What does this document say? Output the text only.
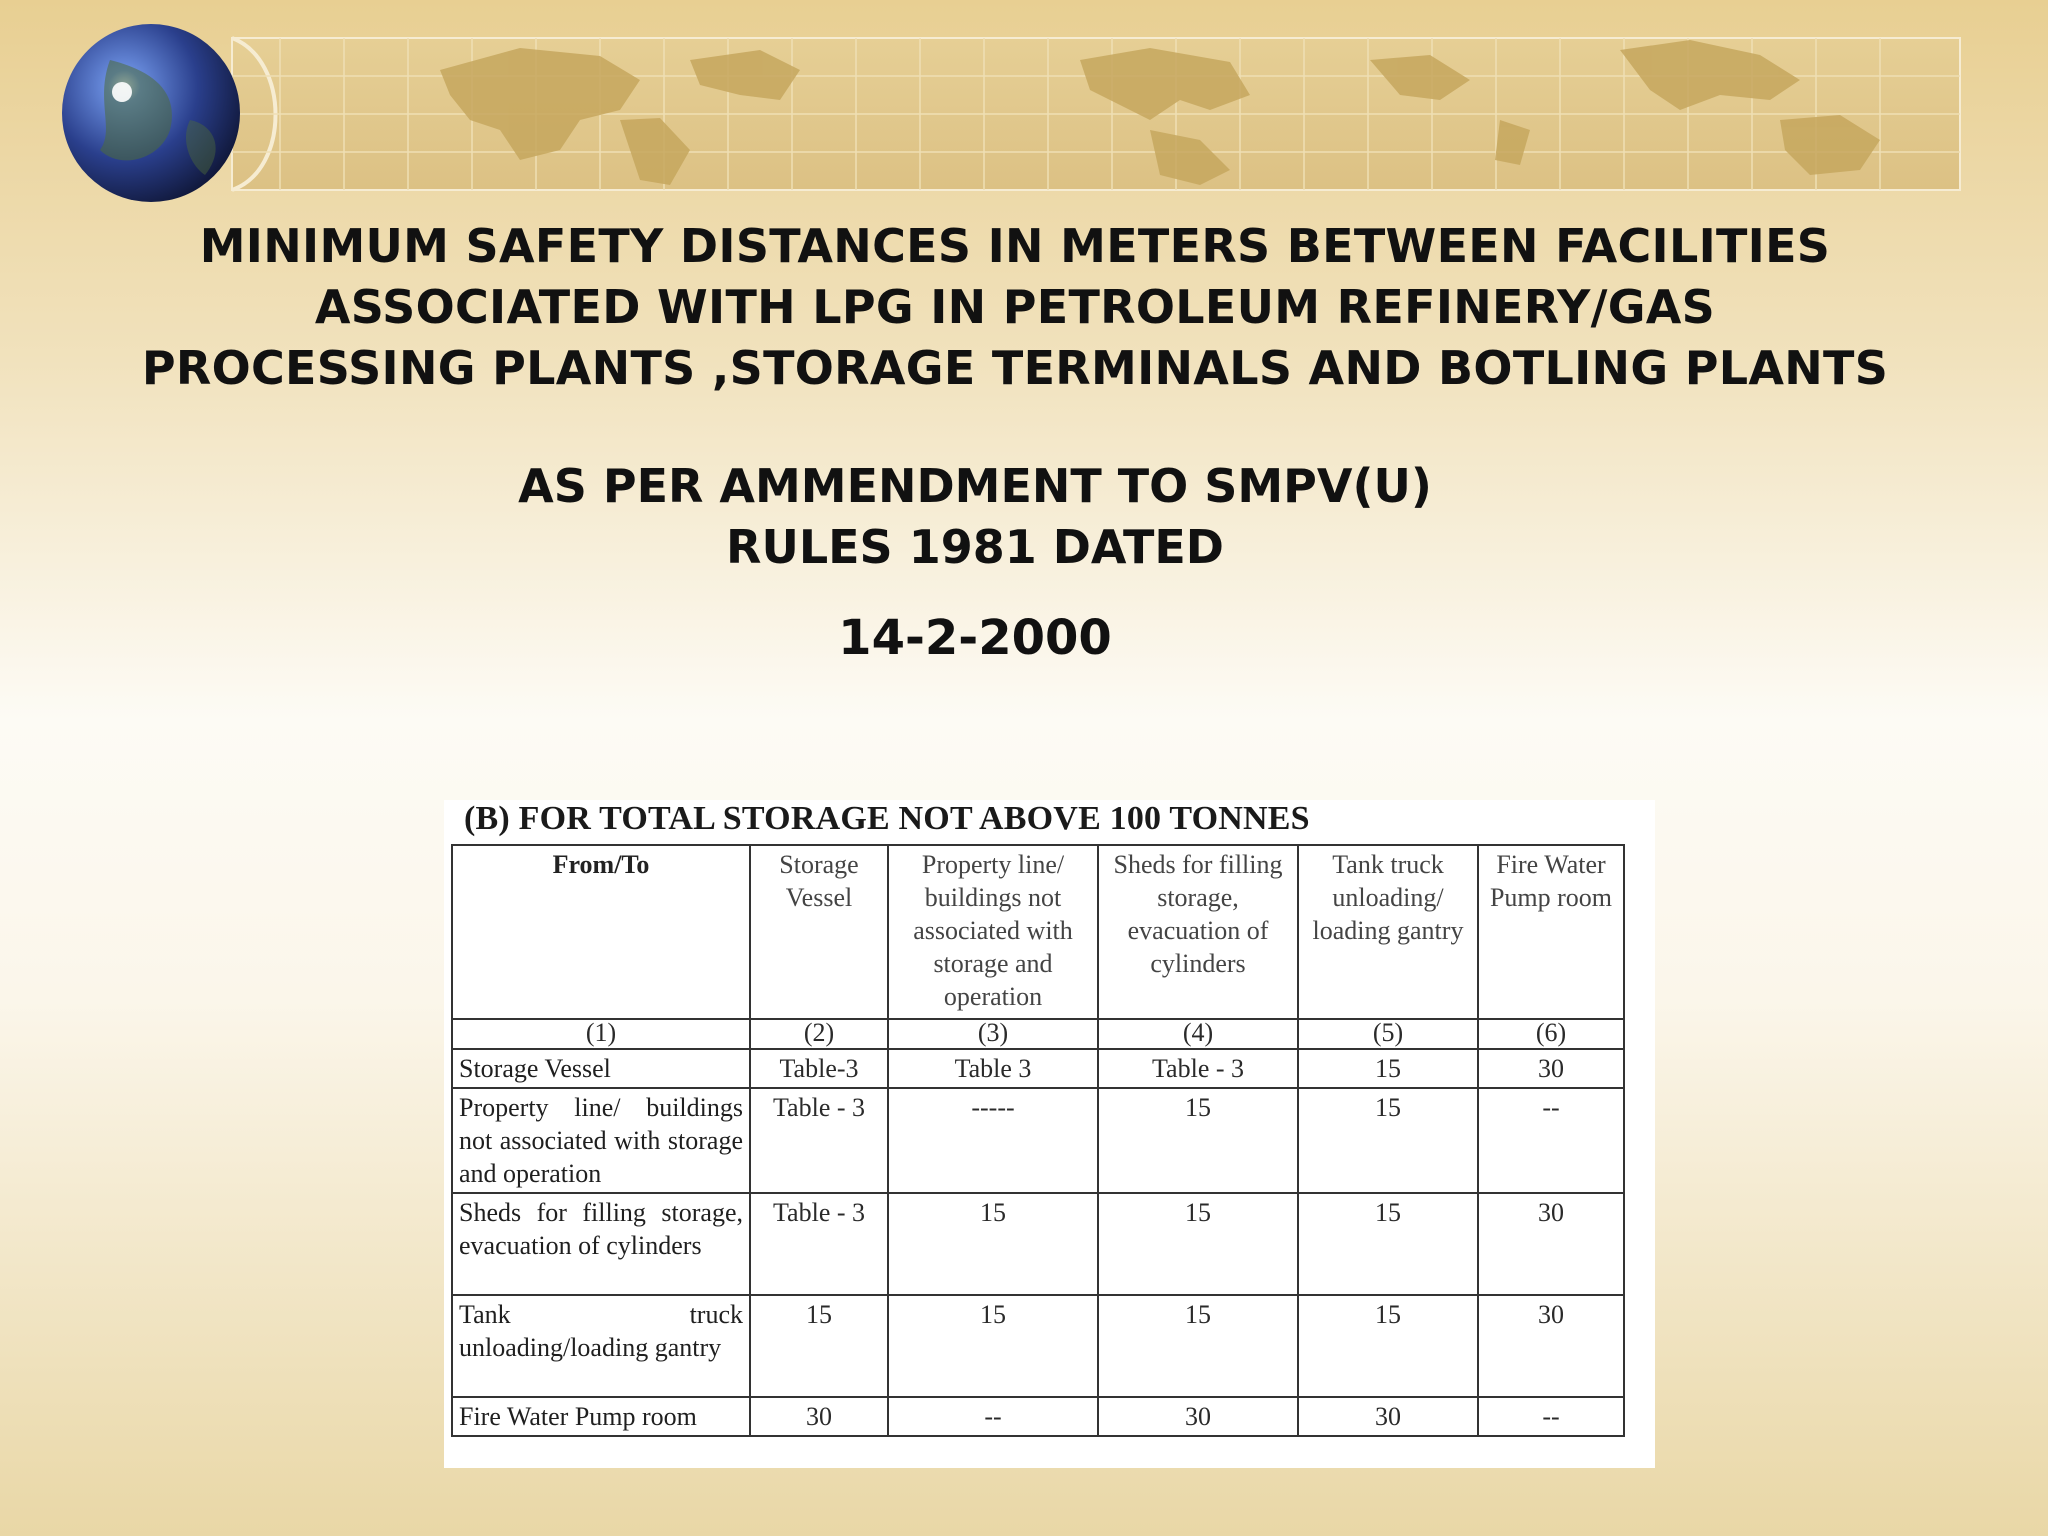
MINIMUM SAFETY DISTANCES IN METERS BETWEEN FACILITIES
ASSOCIATED WITH LPG IN PETROLEUM REFINERY/GAS
PROCESSING PLANTS ,STORAGE TERMINALS AND BOTLING PLANTS
AS PER AMMENDMENT TO SMPV(U)
RULES 1981 DATED
14-2-2000
(B) FOR TOTAL STORAGE NOT ABOVE 100 TONNES
From/To	Storage Vessel	Property line/ buildings not associated with storage and operation	Sheds for filling storage, evacuation of cylinders	Tank truck unloading/ loading gantry	Fire Water Pump room
(1)	(2)	(3)	(4)	(5)	(6)
Storage Vessel	Table-3	Table 3	Table - 3	15	30
Property line/ buildings not associated with storage and operation	Table - 3	-----	15	15	--
Sheds for filling storage, evacuation of cylinders	Table - 3	15	15	15	30
Tank truck unloading/loading gantry	15	15	15	15	30
Fire Water Pump room	30	--	30	30	--
